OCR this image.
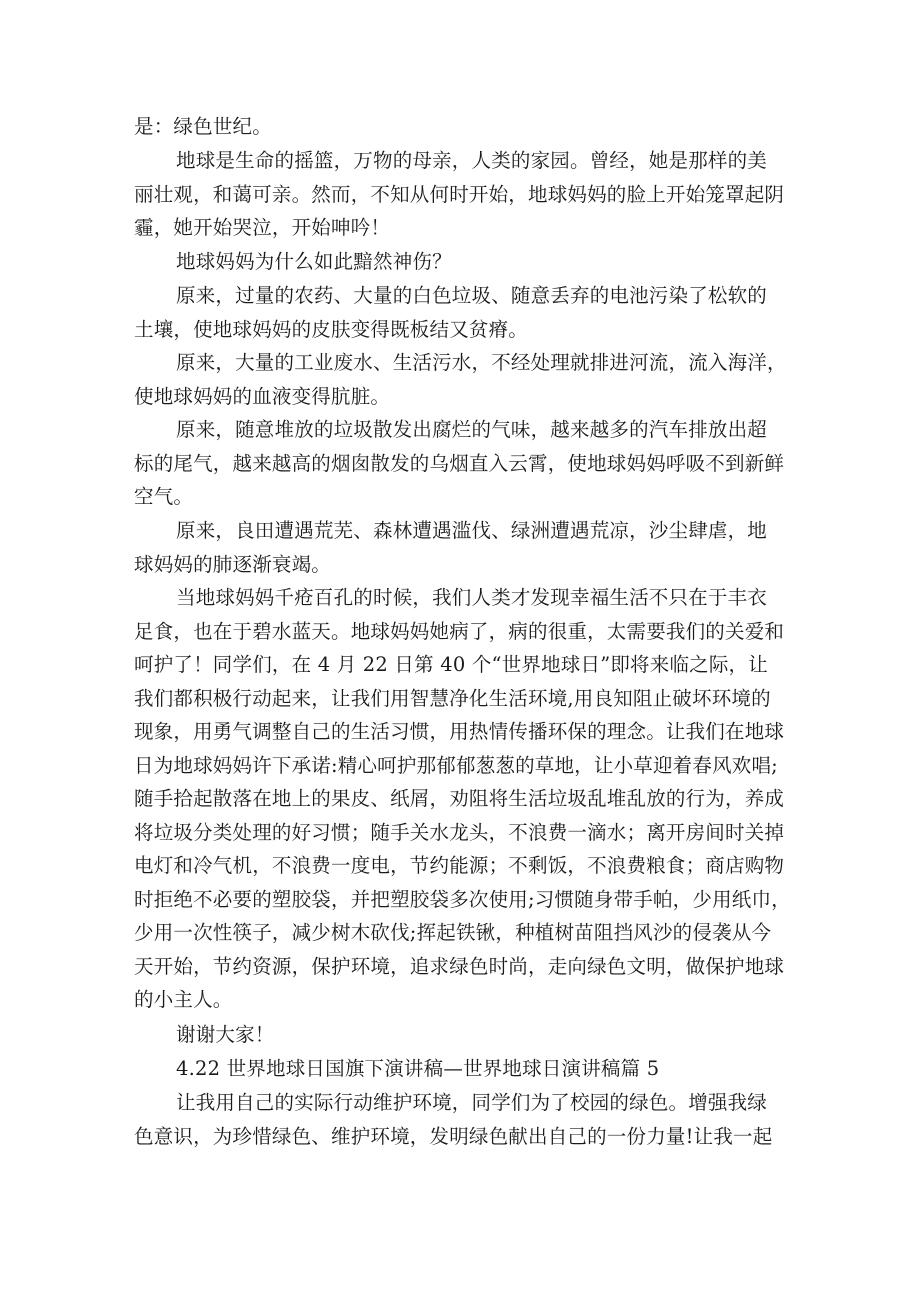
是：绿色世纪。
地球是生命的摇篮，万物的母亲，人类的家园。曾经，她是那样的美
丽壮观，和蔼可亲。然而，不知从何时开始，地球妈妈的脸上开始笼罩起阴
霾，她开始哭泣，开始呻吟！
地球妈妈为什么如此黯然神伤？
原来，过量的农药、大量的白色垃圾、随意丢弃的电池污染了松软的
土壤，使地球妈妈的皮肤变得既板结又贫瘠。
原来，大量的工业废水、生活污水，不经处理就排进河流，流入海洋，
使地球妈妈的血液变得肮脏。
原来，随意堆放的垃圾散发出腐烂的气味，越来越多的汽车排放出超
标的尾气，越来越高的烟囱散发的乌烟直入云霄，使地球妈妈呼吸不到新鲜
空气。
原来，良田遭遇荒芜、森林遭遇滥伐、绿洲遭遇荒凉，沙尘肆虐，地
球妈妈的肺逐渐衰竭。
当地球妈妈千疮百孔的时候，我们人类才发现幸福生活不只在于丰衣
足食，也在于碧水蓝天。地球妈妈她病了，病的很重，太需要我们的关爱和
呵护了！同学们，在 4 月 22 日第 40 个“世界地球日”即将来临之际，让
我们都积极行动起来，让我们用智慧净化生活环境,用良知阻止破坏环境的
现象，用勇气调整自己的生活习惯，用热情传播环保的理念。让我们在地球
日为地球妈妈许下承诺:精心呵护那郁郁葱葱的草地，让小草迎着春风欢唱;
随手拾起散落在地上的果皮、纸屑，劝阻将生活垃圾乱堆乱放的行为，养成
将垃圾分类处理的好习惯；随手关水龙头，不浪费一滴水；离开房间时关掉
电灯和冷气机，不浪费一度电，节约能源；不剩饭，不浪费粮食；商店购物
时拒绝不必要的塑胶袋，并把塑胶袋多次使用;习惯随身带手帕，少用纸巾，
少用一次性筷子，减少树木砍伐;挥起铁锹，种植树苗阻挡风沙的侵袭从今
天开始，节约资源，保护环境，追求绿色时尚，走向绿色文明，做保护地球
的小主人。
谢谢大家！
4.22 世界地球日国旗下演讲稿—世界地球日演讲稿篇 5
让我用自己的实际行动维护环境，同学们为了校园的绿色。增强我绿
色意识，为珍惜绿色、维护环境，发明绿色献出自己的一份力量!让我一起
